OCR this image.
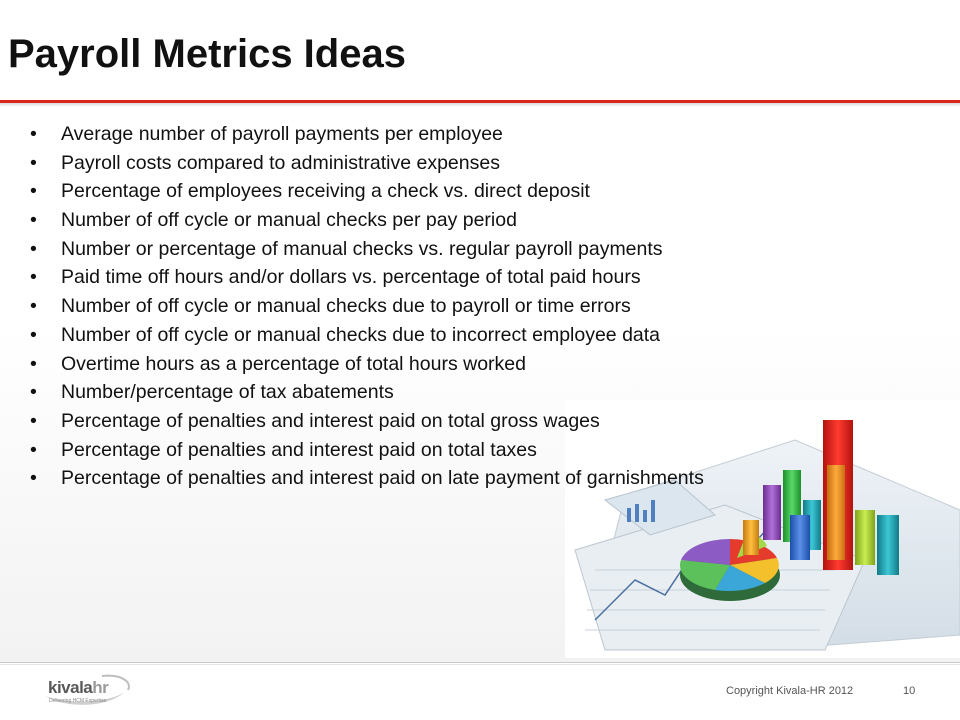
Payroll Metrics Ideas
• Average number of payroll payments per employee
• Payroll costs compared to administrative expenses
• Percentage of employees receiving a check vs. direct deposit
• Number of off cycle or manual checks per pay period
• Number or percentage of manual checks vs. regular payroll payments
• Paid time off hours and/or dollars vs. percentage of total paid hours
• Number of off cycle or manual checks due to payroll or time errors
• Number of off cycle or manual checks due to incorrect employee data
• Overtime hours as a percentage of total hours worked
• Number/percentage of tax abatements
• Percentage of penalties and interest paid on total gross wages
• Percentage of penalties and interest paid on total taxes
• Percentage of penalties and interest paid on late payment of garnishments
kivalahr
Delivering HCM Expertise
Copyright Kivala-HR 2012	10
